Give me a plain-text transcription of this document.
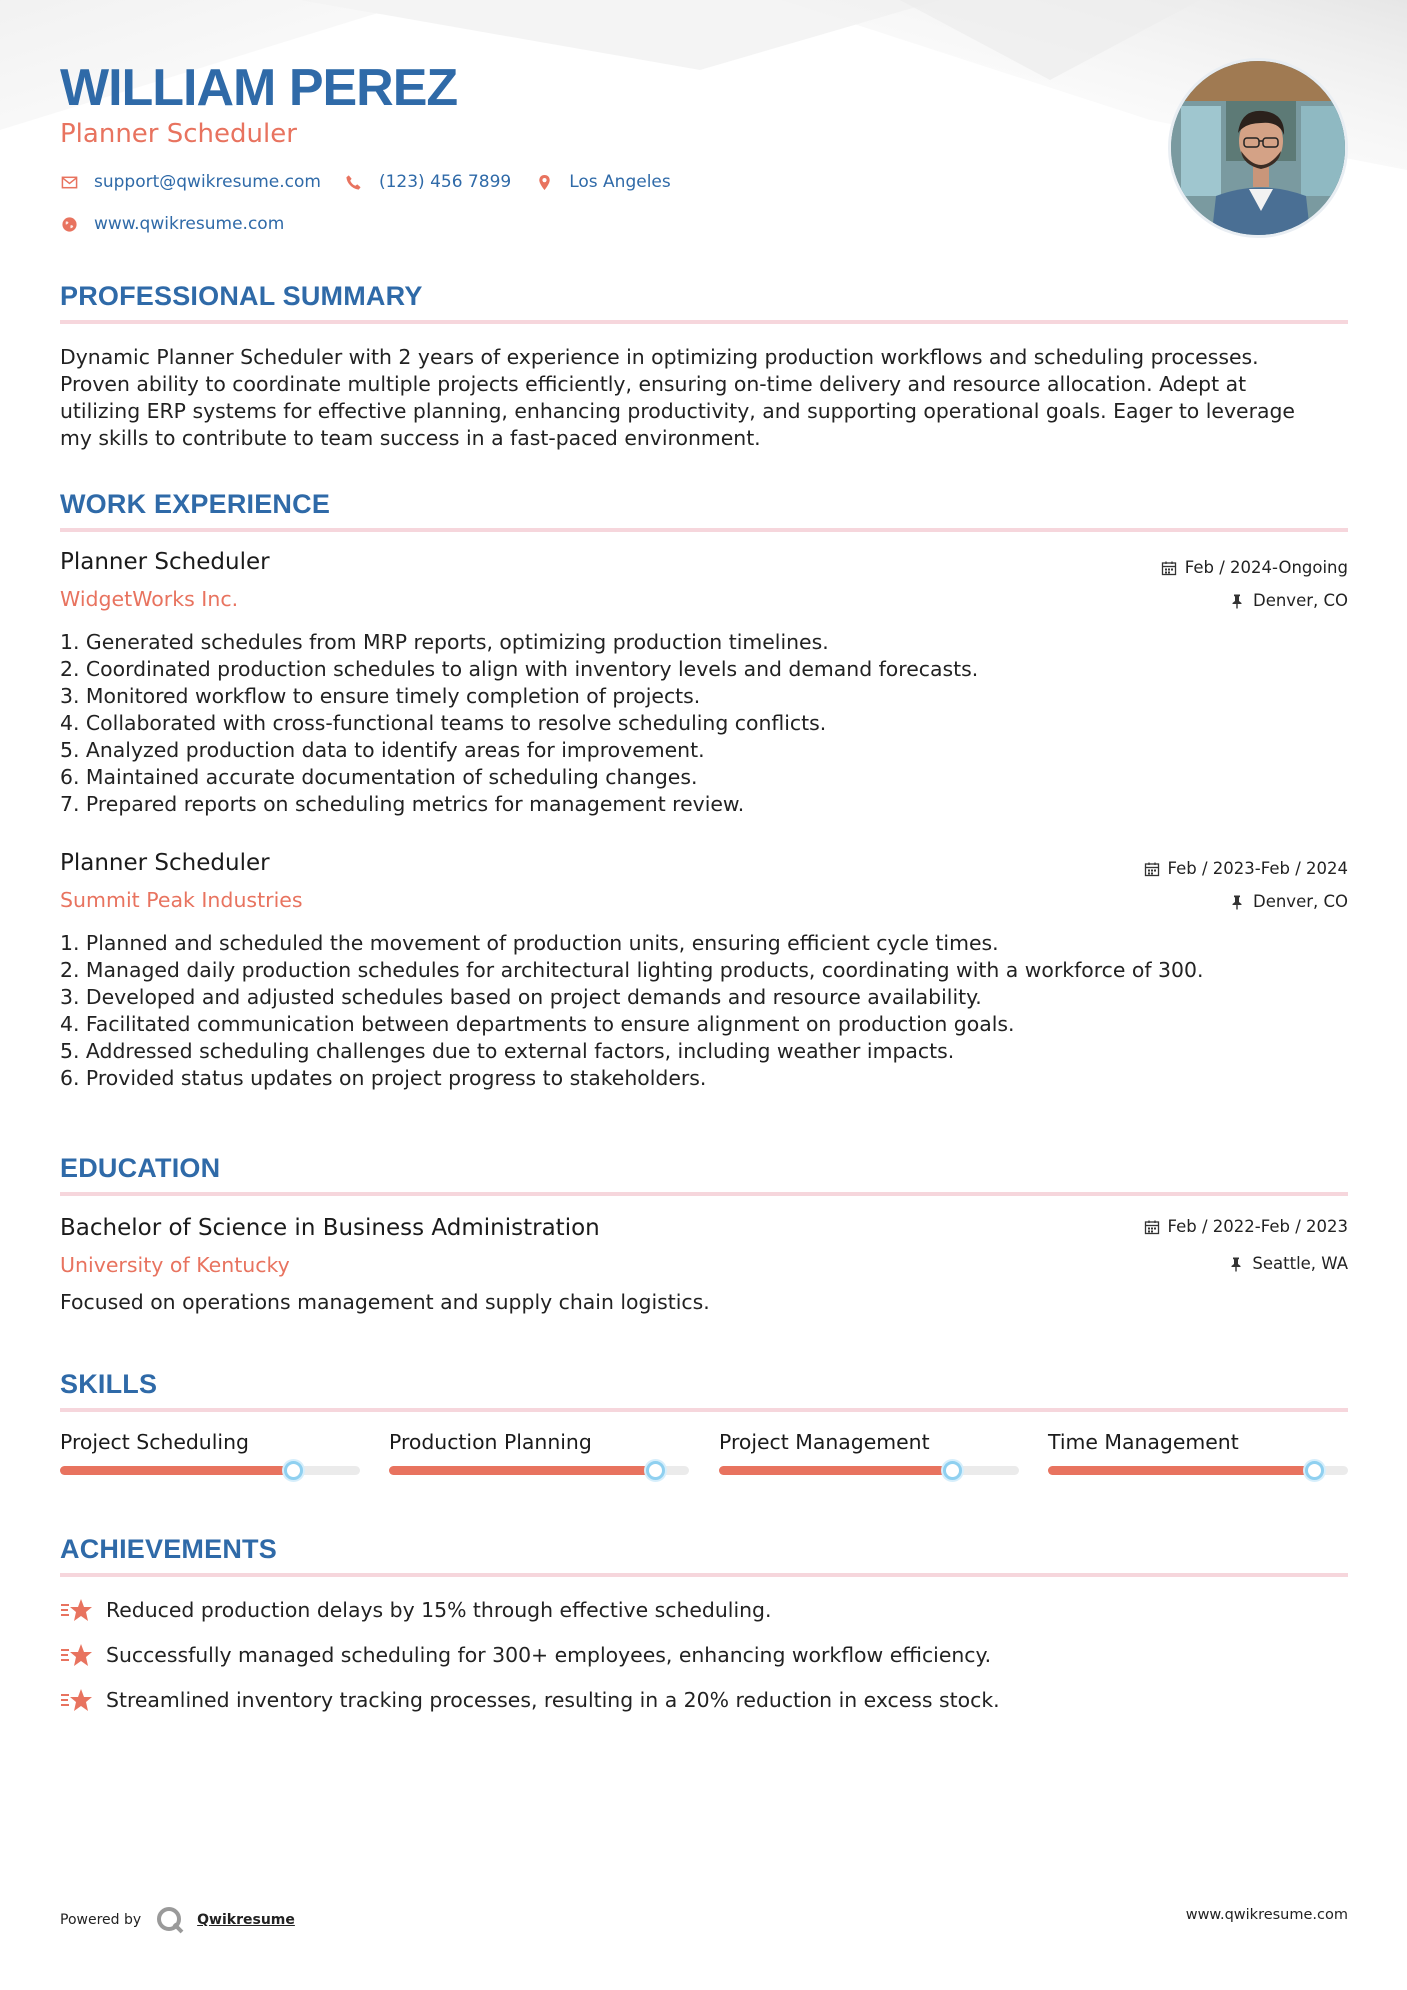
WILLIAM PEREZ
Planner Scheduler
support@qwikresume.com	(123) 456 7899	Los Angeles
www.qwikresume.com
PROFESSIONAL SUMMARY
Dynamic Planner Scheduler with 2 years of experience in optimizing production workflows and scheduling processes.
Proven ability to coordinate multiple projects efficiently, ensuring on-time delivery and resource allocation. Adept at
utilizing ERP systems for effective planning, enhancing productivity, and supporting operational goals. Eager to leverage
my skills to contribute to team success in a fast-paced environment.
WORK EXPERIENCE
Planner Scheduler	Feb / 2024-Ongoing
WidgetWorks Inc.	Denver, CO
1. Generated schedules from MRP reports, optimizing production timelines.
2. Coordinated production schedules to align with inventory levels and demand forecasts.
3. Monitored workflow to ensure timely completion of projects.
4. Collaborated with cross-functional teams to resolve scheduling conflicts.
5. Analyzed production data to identify areas for improvement.
6. Maintained accurate documentation of scheduling changes.
7. Prepared reports on scheduling metrics for management review.
Planner Scheduler	Feb / 2023-Feb / 2024
Summit Peak Industries	Denver, CO
1. Planned and scheduled the movement of production units, ensuring efficient cycle times.
2. Managed daily production schedules for architectural lighting products, coordinating with a workforce of 300.
3. Developed and adjusted schedules based on project demands and resource availability.
4. Facilitated communication between departments to ensure alignment on production goals.
5. Addressed scheduling challenges due to external factors, including weather impacts.
6. Provided status updates on project progress to stakeholders.
EDUCATION
Bachelor of Science in Business Administration	Feb / 2022-Feb / 2023
University of Kentucky	Seattle, WA
Focused on operations management and supply chain logistics.
SKILLS
Project Scheduling	Production Planning	Project Management	Time Management
ACHIEVEMENTS
Reduced production delays by 15% through effective scheduling.
Successfully managed scheduling for 300+ employees, enhancing workflow efficiency.
Streamlined inventory tracking processes, resulting in a 20% reduction in excess stock.
Powered by	Qwikresume	www.qwikresume.com
